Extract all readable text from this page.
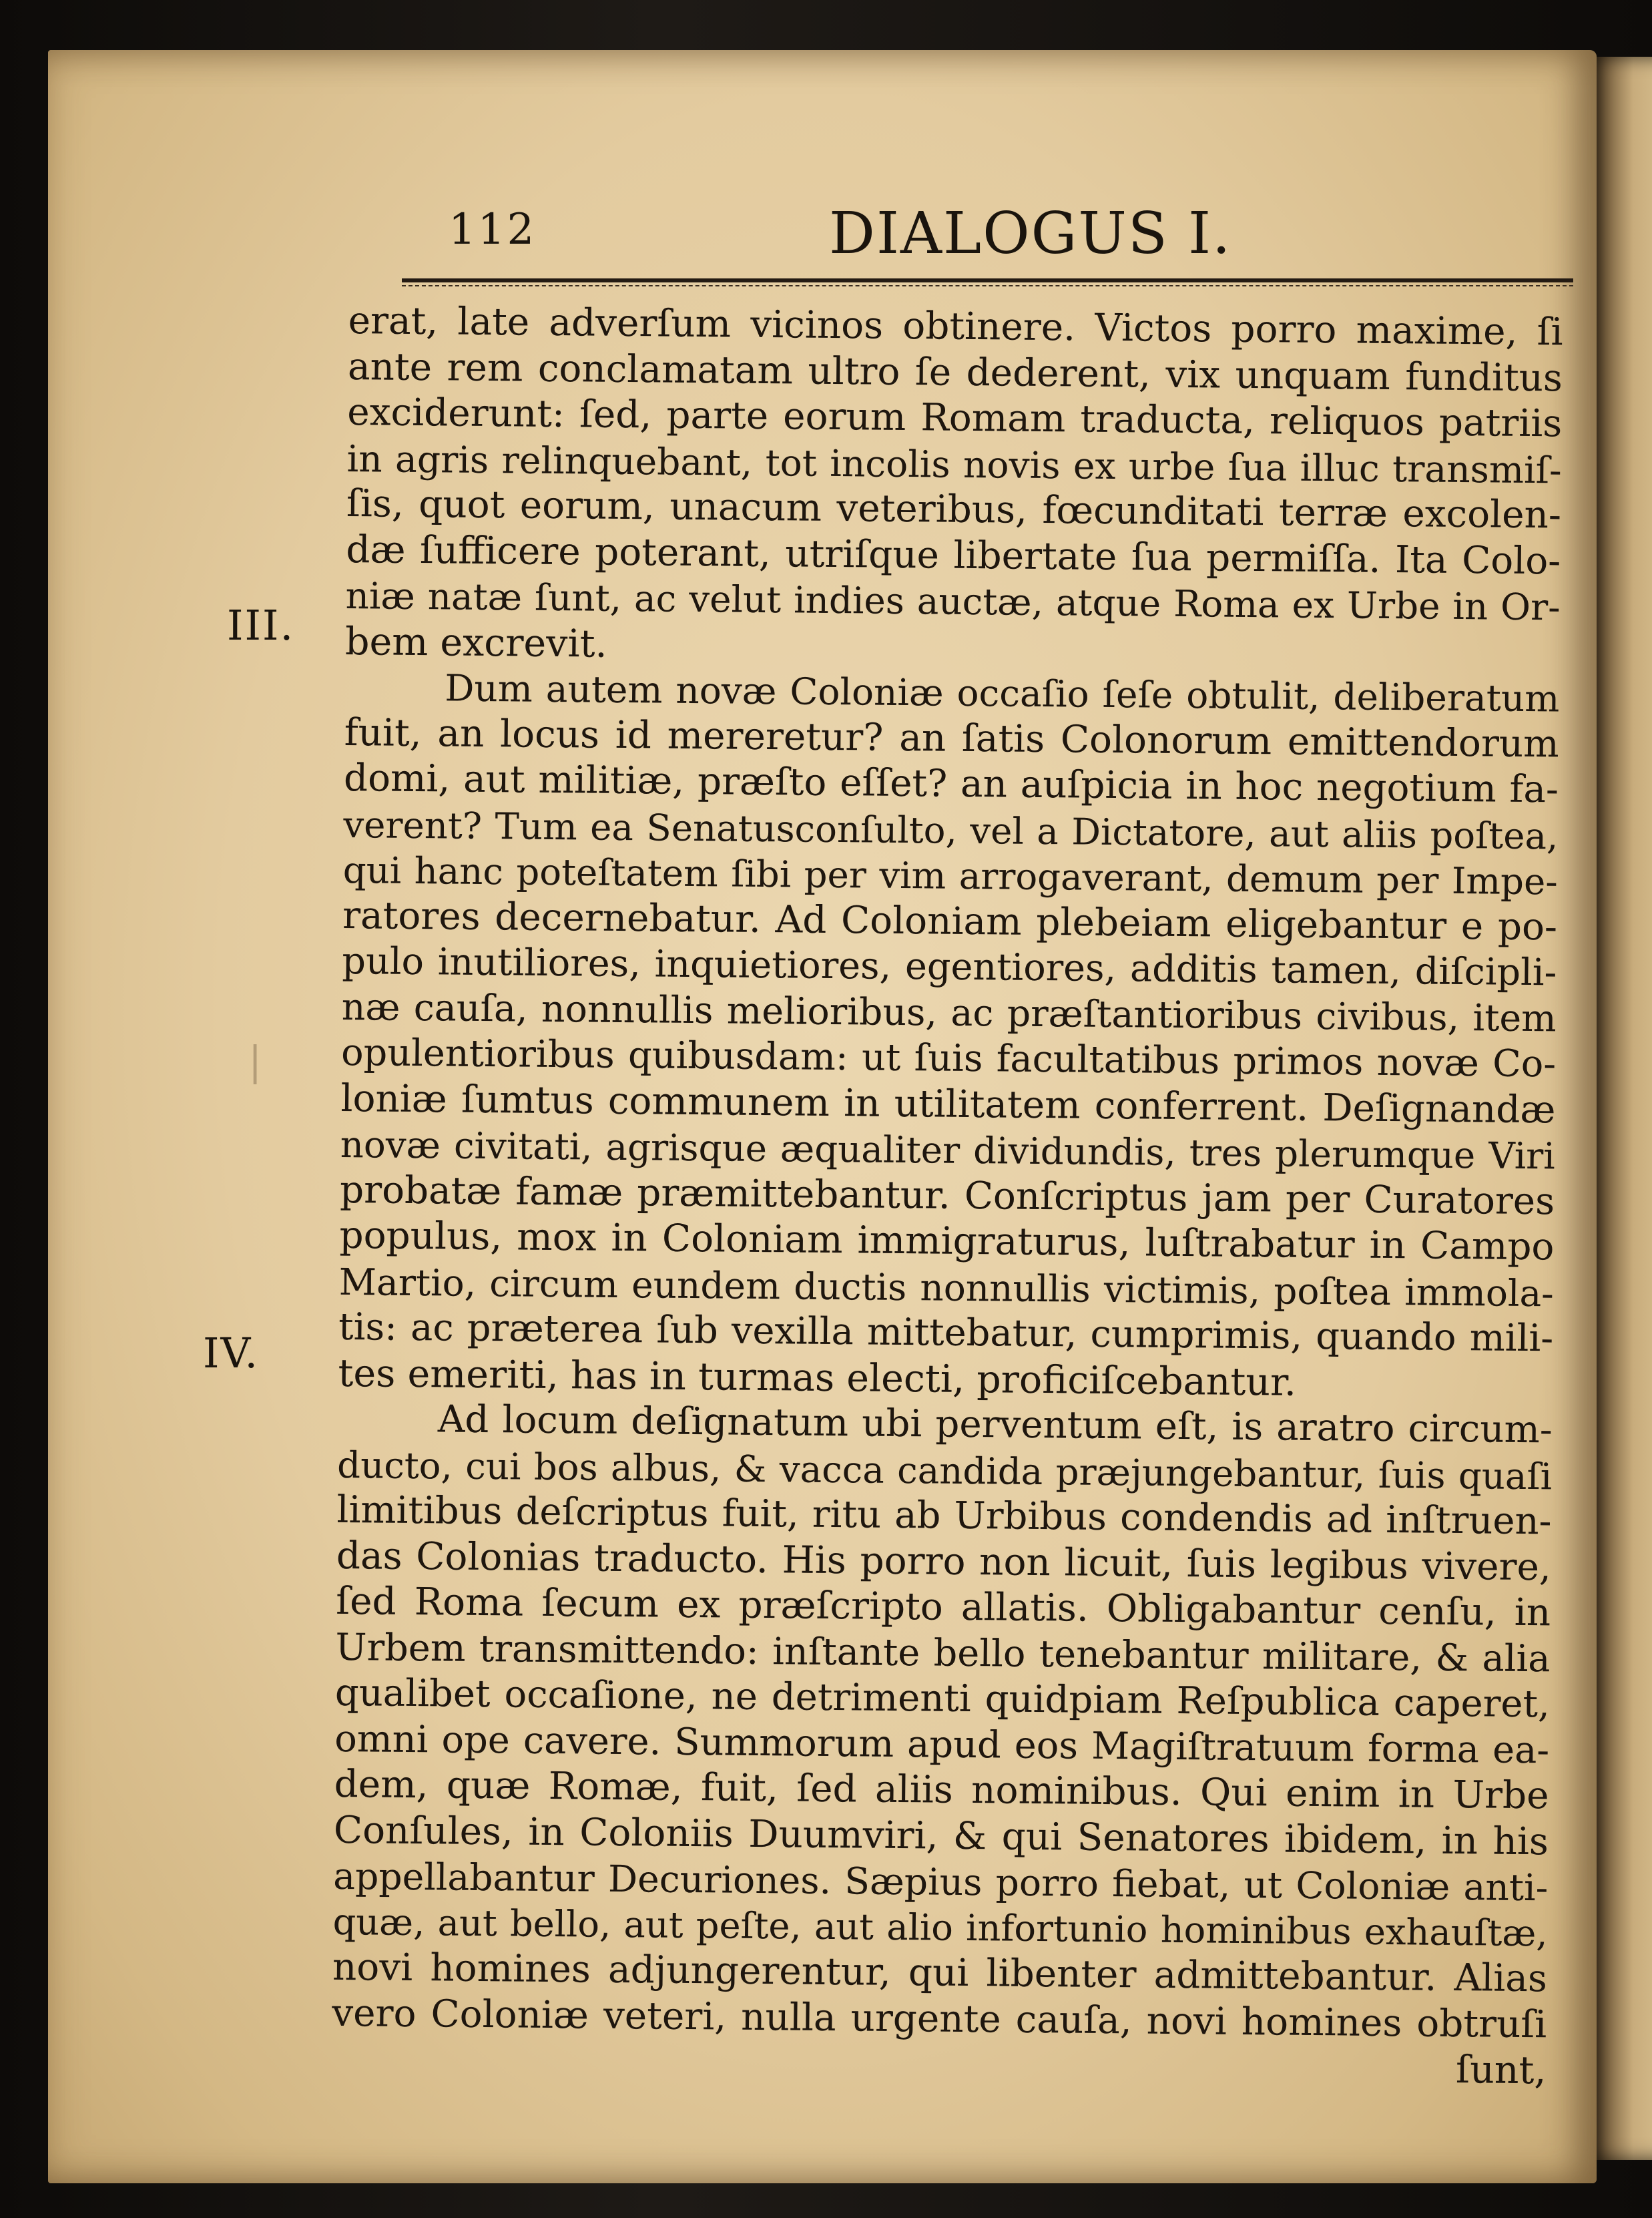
112	DIALOGUS I.
III.
IV.
|
erat, late adverſum vicinos obtinere. Victos porro maxime, ſi
ante rem conclamatam ultro ſe dederent, vix unquam funditus
exciderunt: ſed, parte eorum Romam traducta, reliquos patriis
in agris relinquebant, tot incolis novis ex urbe ſua illuc transmiſ-
ſis, quot eorum, unacum veteribus, fœcunditati terræ excolen-
dæ ſufficere poterant, utriſque libertate ſua permiſſa. Ita Colo-
niæ natæ ſunt, ac velut indies auctæ, atque Roma ex Urbe in Or-
bem excrevit.
Dum autem novæ Coloniæ occaſio ſeſe obtulit, deliberatum
fuit, an locus id mereretur? an ſatis Colonorum emittendorum
domi, aut militiæ, præſto eſſet? an auſpicia in hoc negotium fa-
verent? Tum ea Senatusconſulto, vel a Dictatore, aut aliis poſtea,
qui hanc poteſtatem ſibi per vim arrogaverant, demum per Impe-
ratores decernebatur. Ad Coloniam plebeiam eligebantur e po-
pulo inutiliores, inquietiores, egentiores, additis tamen, diſcipli-
næ cauſa, nonnullis melioribus, ac præſtantioribus civibus, item
opulentioribus quibusdam: ut ſuis facultatibus primos novæ Co-
loniæ ſumtus communem in utilitatem conferrent. Deſignandæ
novæ civitati, agrisque æqualiter dividundis, tres plerumque Viri
probatæ famæ præmittebantur. Conſcriptus jam per Curatores
populus, mox in Coloniam immigraturus, luſtrabatur in Campo
Martio, circum eundem ductis nonnullis victimis, poſtea immola-
tis: ac præterea ſub vexilla mittebatur, cumprimis, quando mili-
tes emeriti, has in turmas electi, proficiſcebantur.
Ad locum deſignatum ubi perventum eſt, is aratro circum-
ducto, cui bos albus, & vacca candida præjungebantur, ſuis quaſi
limitibus deſcriptus fuit, ritu ab Urbibus condendis ad inſtruen-
das Colonias traducto. His porro non licuit, ſuis legibus vivere,
ſed Roma ſecum ex præſcripto allatis. Obligabantur cenſu, in
Urbem transmittendo: inſtante bello tenebantur militare, & alia
qualibet occaſione, ne detrimenti quidpiam Reſpublica caperet,
omni ope cavere. Summorum apud eos Magiſtratuum forma ea-
dem, quæ Romæ, fuit, ſed aliis nominibus. Qui enim in Urbe
Conſules, in Coloniis Duumviri, & qui Senatores ibidem, in his
appellabantur Decuriones. Sæpius porro fiebat, ut Coloniæ anti-
quæ, aut bello, aut peſte, aut alio infortunio hominibus exhauſtæ,
novi homines adjungerentur, qui libenter admittebantur. Alias
vero Coloniæ veteri, nulla urgente cauſa, novi homines obtruſi
ſunt,
